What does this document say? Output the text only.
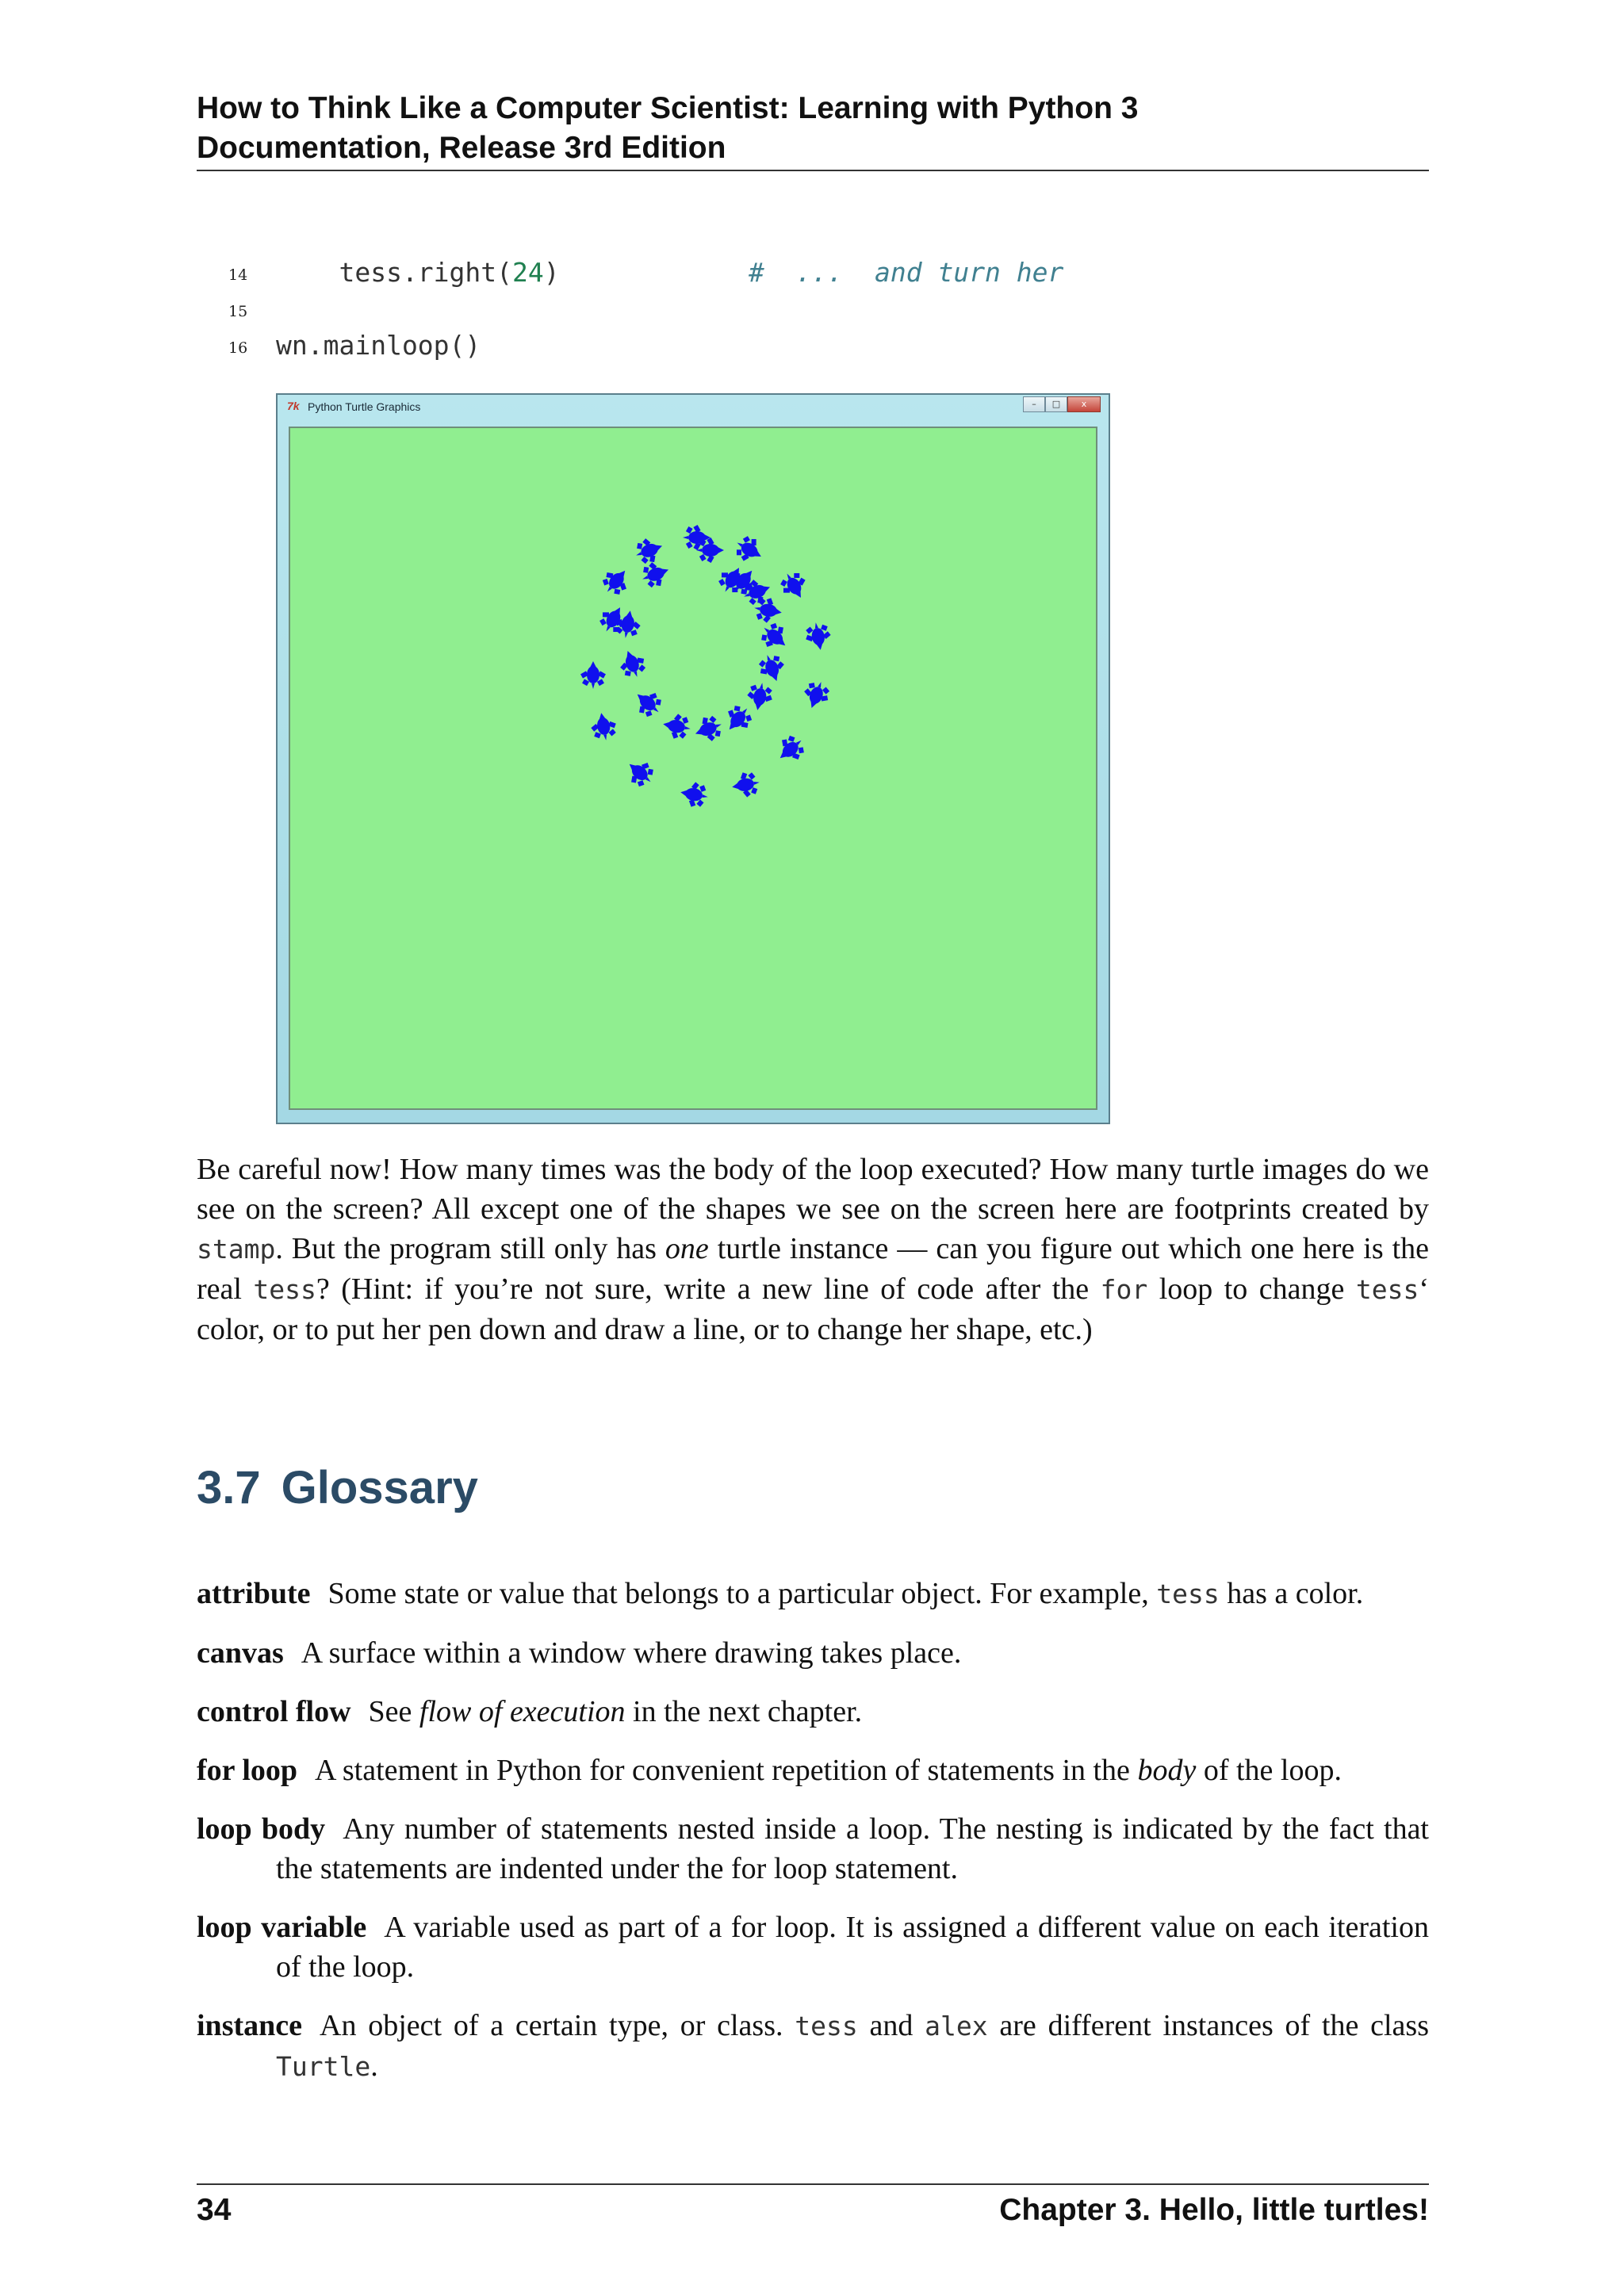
How to Think Like a Computer Scientist: Learning with Python 3
Documentation, Release 3rd Edition
14 tess.right(24)            #  ...  and turn her
15
16 wn.mainloop()
7k Python Turtle Graphics	–	□	x
Be careful now! How many times was the body of the loop executed? How many turtle images do we see on the screen? All except one of the shapes we see on the screen here are footprints created by stamp. But the program still only has one turtle instance — can you figure out which one here is the real tess? (Hint: if you’re not sure, write a new line of code after the for loop to change tess‘ color, or to put her pen down and draw a line, or to change her shape, etc.)
3.7 Glossary
attribute Some state or value that belongs to a particular object. For example, tess has a color.
canvas A surface within a window where drawing takes place.
control flow See flow of execution in the next chapter.
for loop A statement in Python for convenient repetition of statements in the body of the loop.
loop body Any number of statements nested inside a loop. The nesting is indicated by the fact that the statements are indented under the for loop statement.
loop variable A variable used as part of a for loop. It is assigned a different value on each iteration of the loop.
instance An object of a certain type, or class. tess and alex are different instances of the class Turtle.
34	Chapter 3. Hello, little turtles!
